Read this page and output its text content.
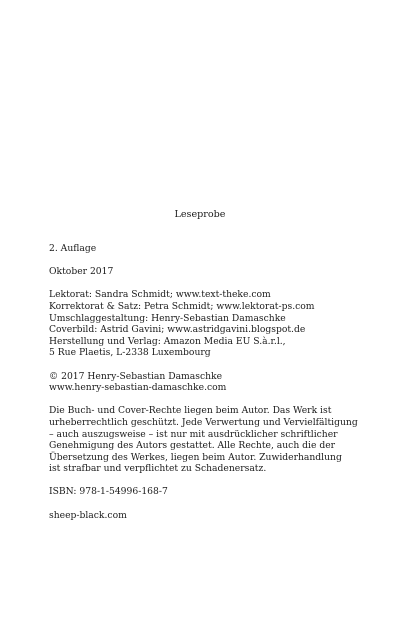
Leseprobe
2. Auflage
Oktober 2017
Lektorat: Sandra Schmidt; www.text-theke.com
Korrektorat & Satz: Petra Schmidt; www.lektorat-ps.com
Umschlaggestaltung: Henry-Sebastian Damaschke
Coverbild: Astrid Gavini; www.astridgavini.blogspot.de
Herstellung und Verlag: Amazon Media EU S.à.r.l.,
5 Rue Plaetis, L-2338 Luxembourg
© 2017 Henry-Sebastian Damaschke
www.henry-sebastian-damaschke.com
Die Buch- und Cover-Rechte liegen beim Autor. Das Werk ist
urheberrechtlich geschützt. Jede Verwertung und Vervielfältigung
– auch auszugsweise – ist nur mit ausdrücklicher schriftlicher
Genehmigung des Autors gestattet. Alle Rechte, auch die der
Übersetzung des Werkes, liegen beim Autor. Zuwiderhandlung
ist strafbar und verpflichtet zu Schadenersatz.
ISBN: 978-1-54996-168-7
sheep-black.com
